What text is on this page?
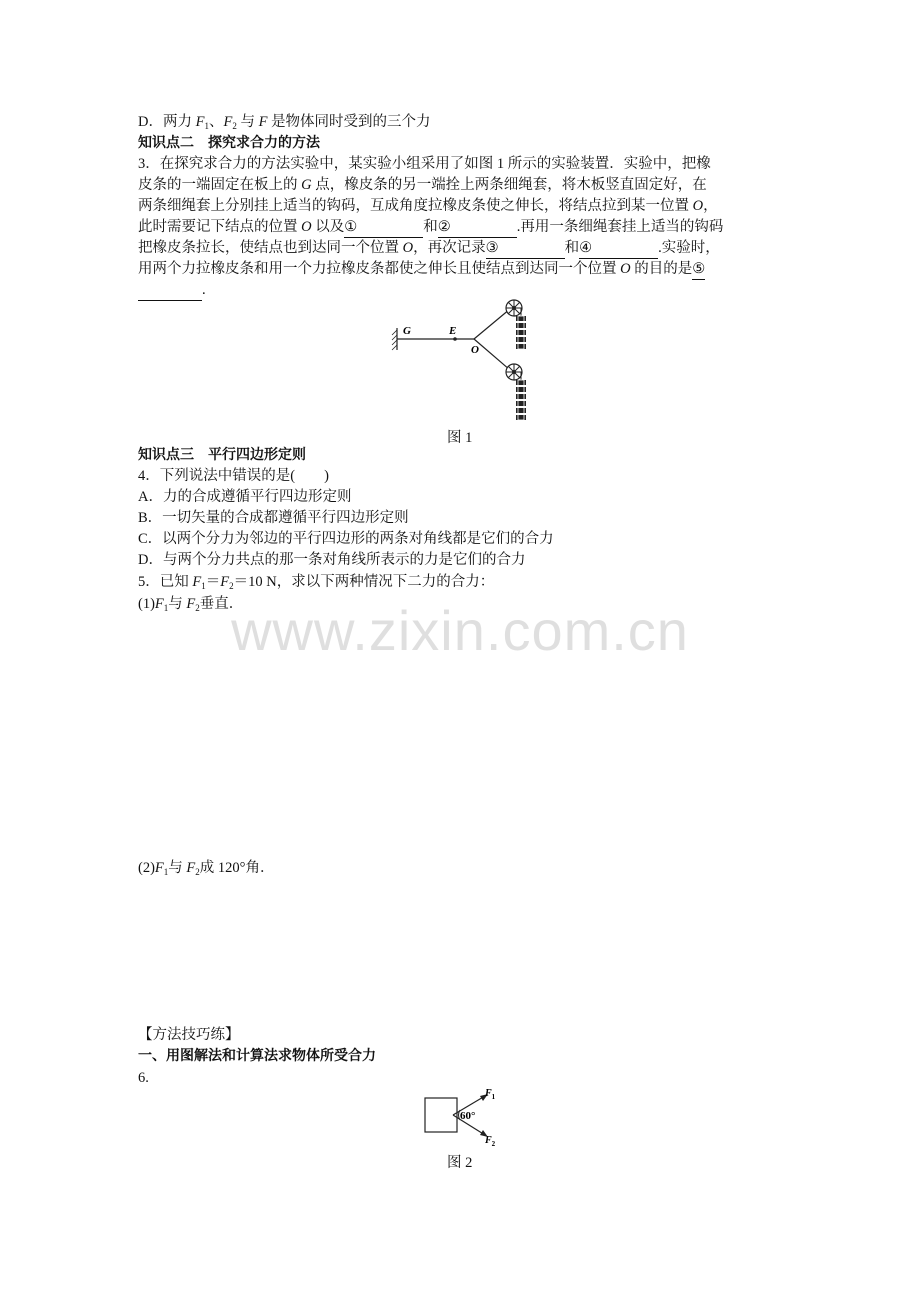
D．两力 $F_1$、$F_2$ 与 F 是物体同时受到的三个力
知识点二　探究求合力的方法
3．在探究求合力的方法实验中，某实验小组采用了如图 1 所示的实验装置．实验中，把橡
皮条的一端固定在板上的 G 点，橡皮条的另一端拴上两条细绳套，将木板竖直固定好，在
两条细绳套上分别挂上适当的钩码，互成角度拉橡皮条使之伸长，将结点拉到某一位置 O，
此时需要记下结点的位置 O 以及①	和②	.再用一条细绳套挂上适当的钩码
把橡皮条拉长，使结点也到达同一个位置 O，再次记录③	和④	.实验时，
用两个力拉橡皮条和用一个力拉橡皮条都使之伸长且使结点到达同一个位置 O 的目的是⑤
.
G	E
O
图 1
知识点三　平行四边形定则
4．下列说法中错误的是(　　)
A．力的合成遵循平行四边形定则
B．一切矢量的合成都遵循平行四边形定则
C．以两个分力为邻边的平行四边形的两条对角线都是它们的合力
D．与两个分力共点的那一条对角线所表示的力是它们的合力
5．已知 $F_1=F_2=10$ N，求以下两种情况下二力的合力：
$(1)F_1$与 $F_2$垂直．
www.zixin.com.cn
$(2)F_1$与 $F_2$成 120°角．
【方法技巧练】
一、用图解法和计算法求物体所受合力
6.
60°
$F_1$
$F_2$
图 2
